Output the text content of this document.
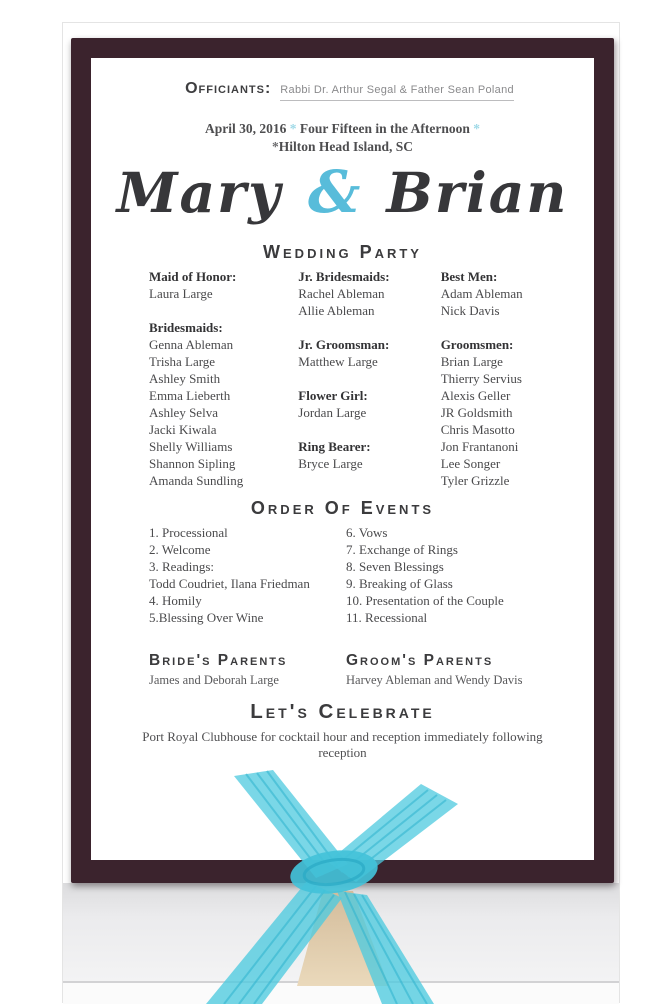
Officiants: Rabbi Dr. Arthur Segal & Father Sean Poland
April 30, 2016 * Four Fifteen in the Afternoon *
*Hilton Head Island, SC
Mary & Brian
Wedding Party
Maid of Honor:
Laura Large
Bridesmaids:
Genna Ableman
Trisha Large
Ashley Smith
Emma Lieberth
Ashley Selva
Jacki Kiwala
Shelly Williams
Shannon Sipling
Amanda Sundling
Jr. Bridesmaids:
Rachel Ableman
Allie Ableman
Jr. Groomsman:
Matthew Large
Flower Girl:
Jordan Large
Ring Bearer:
Bryce Large
Best Men:
Adam Ableman
Nick Davis
Groomsmen:
Brian Large
Thierry Servius
Alexis Geller
JR Goldsmith
Chris Masotto
Jon Frantanoni
Lee Songer
Tyler Grizzle
Order Of Events
1. Processional
2. Welcome
3. Readings:
Todd Coudriet, Ilana Friedman
4. Homily
5.Blessing Over Wine
6. Vows
7. Exchange of Rings
8. Seven Blessings
9. Breaking of Glass
10. Presentation of the Couple
11. Recessional
Bride's Parents
James and Deborah Large
Groom's Parents
Harvey Ableman and Wendy Davis
Let's Celebrate
Port Royal Clubhouse for cocktail hour and reception immediately following reception
